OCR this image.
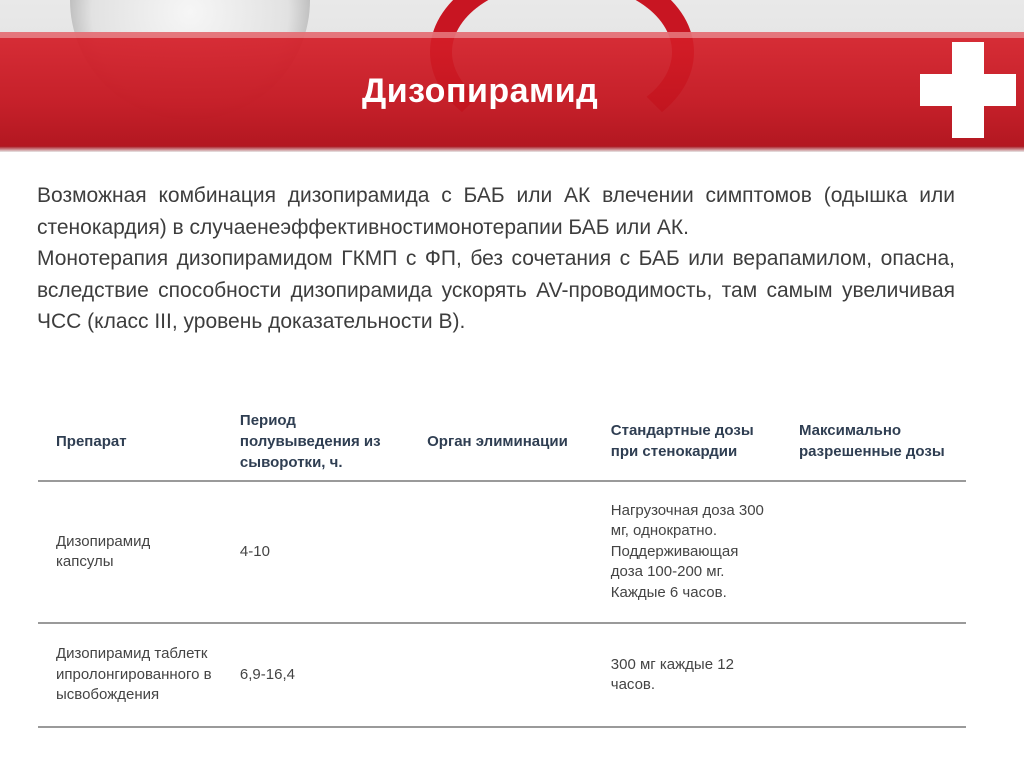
Дизопирамид

Возможная комбинация дизопирамида с БАБ или АК влечении симптомов (одышка или стенокардия) в случаенеэффективностимонотерапии БАБ или АК.

Монотерапия дизопирамидом ГКМП с ФП, без сочетания с БАБ или верапамилом, опасна, вследствие способности дизопирамида ускорять AV-проводимость, там самым увеличивая ЧСС (класс III, уровень доказательности B).

Препарат	Период полувыведения из сыворотки, ч.	Орган элиминации	Стандартные дозы при стенокардии	Максимально разрешенные дозы
Дизопирамид капсулы	4-10		Нагрузочная доза 300 мг, однократно. Поддерживающая доза 100-200 мг. Каждые 6 часов.	
Дизопирамид таблеткипролонгированного высвобождения	6,9-16,4		300 мг каждые 12 часов.	
